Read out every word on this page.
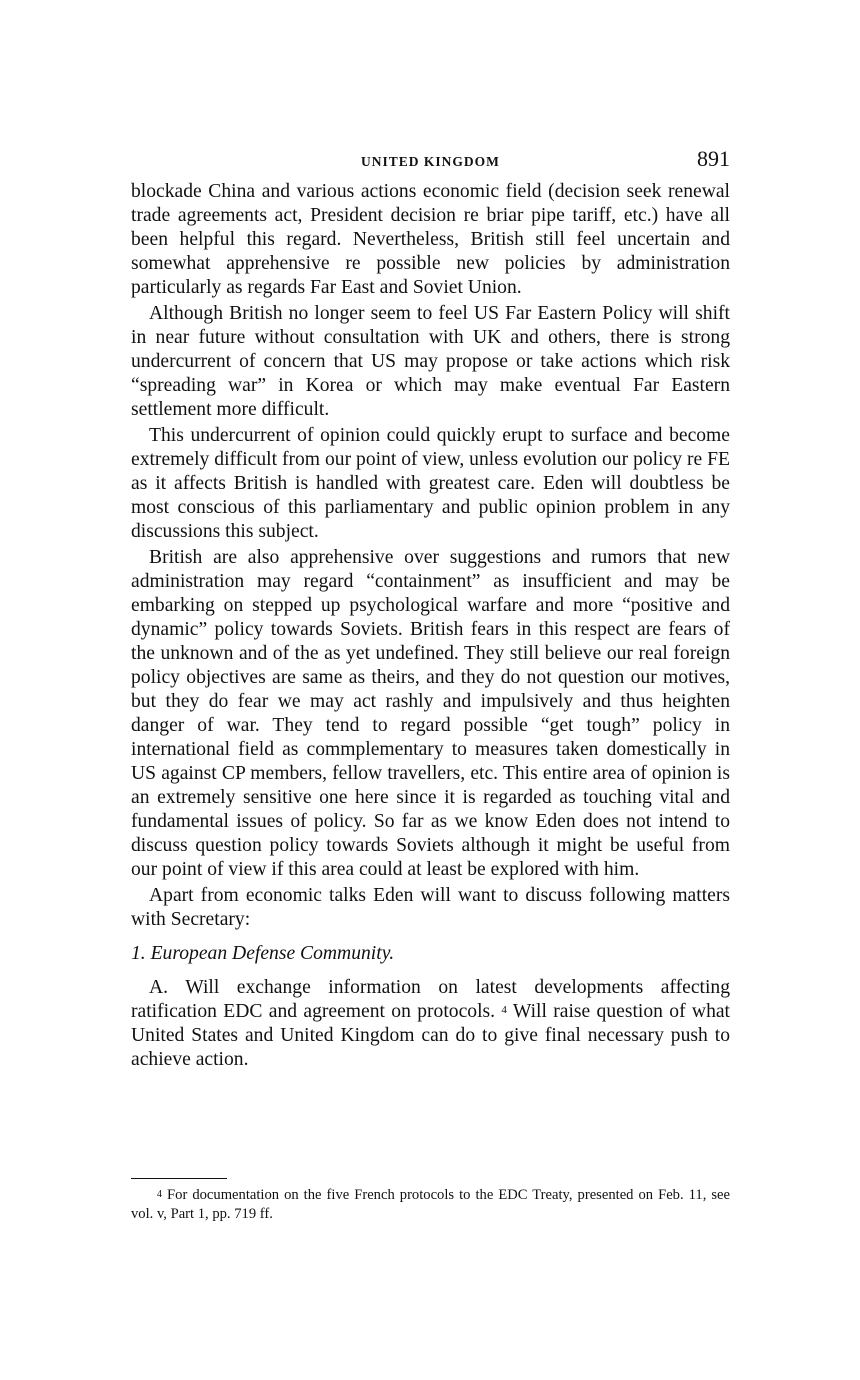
UNITED KINGDOM	891

blockade China and various actions economic field (decision seek renewal trade agreements act, President decision re briar pipe tariff, etc.) have all been helpful this regard. Nevertheless, British still feel uncertain and somewhat apprehensive re possible new policies by administration particularly as regards Far East and Soviet Union.

Although British no longer seem to feel US Far Eastern Policy will shift in near future without consultation with UK and others, there is strong undercurrent of concern that US may propose or take actions which risk “spreading war” in Korea or which may make eventual Far Eastern settlement more difficult.

This undercurrent of opinion could quickly erupt to surface and become extremely difficult from our point of view, unless evolution our policy re FE as it affects British is handled with greatest care. Eden will doubtless be most conscious of this parliamentary and public opinion problem in any discussions this subject.

British are also apprehensive over suggestions and rumors that new administration may regard “containment” as insufficient and may be embarking on stepped up psychological warfare and more “positive and dynamic” policy towards Soviets. British fears in this respect are fears of the unknown and of the as yet undefined. They still believe our real foreign policy objectives are same as theirs, and they do not question our motives, but they do fear we may act rashly and impulsively and thus heighten danger of war. They tend to regard possible “get tough” policy in international field as commplementary to measures taken domestically in US against CP members, fellow travellers, etc. This entire area of opinion is an extremely sensitive one here since it is regarded as touching vital and fundamental issues of policy. So far as we know Eden does not intend to discuss question policy towards Soviets although it might be useful from our point of view if this area could at least be explored with him.

Apart from economic talks Eden will want to discuss following matters with Secretary:

1. European Defense Community.

A. Will exchange information on latest developments affecting ratification EDC and agreement on protocols. $^4$ Will raise question of what United States and United Kingdom can do to give final necessary push to achieve action.

$^4$ For documentation on the five French protocols to the EDC Treaty, presented on Feb. 11, see vol. v, Part 1, pp. 719 ff.
